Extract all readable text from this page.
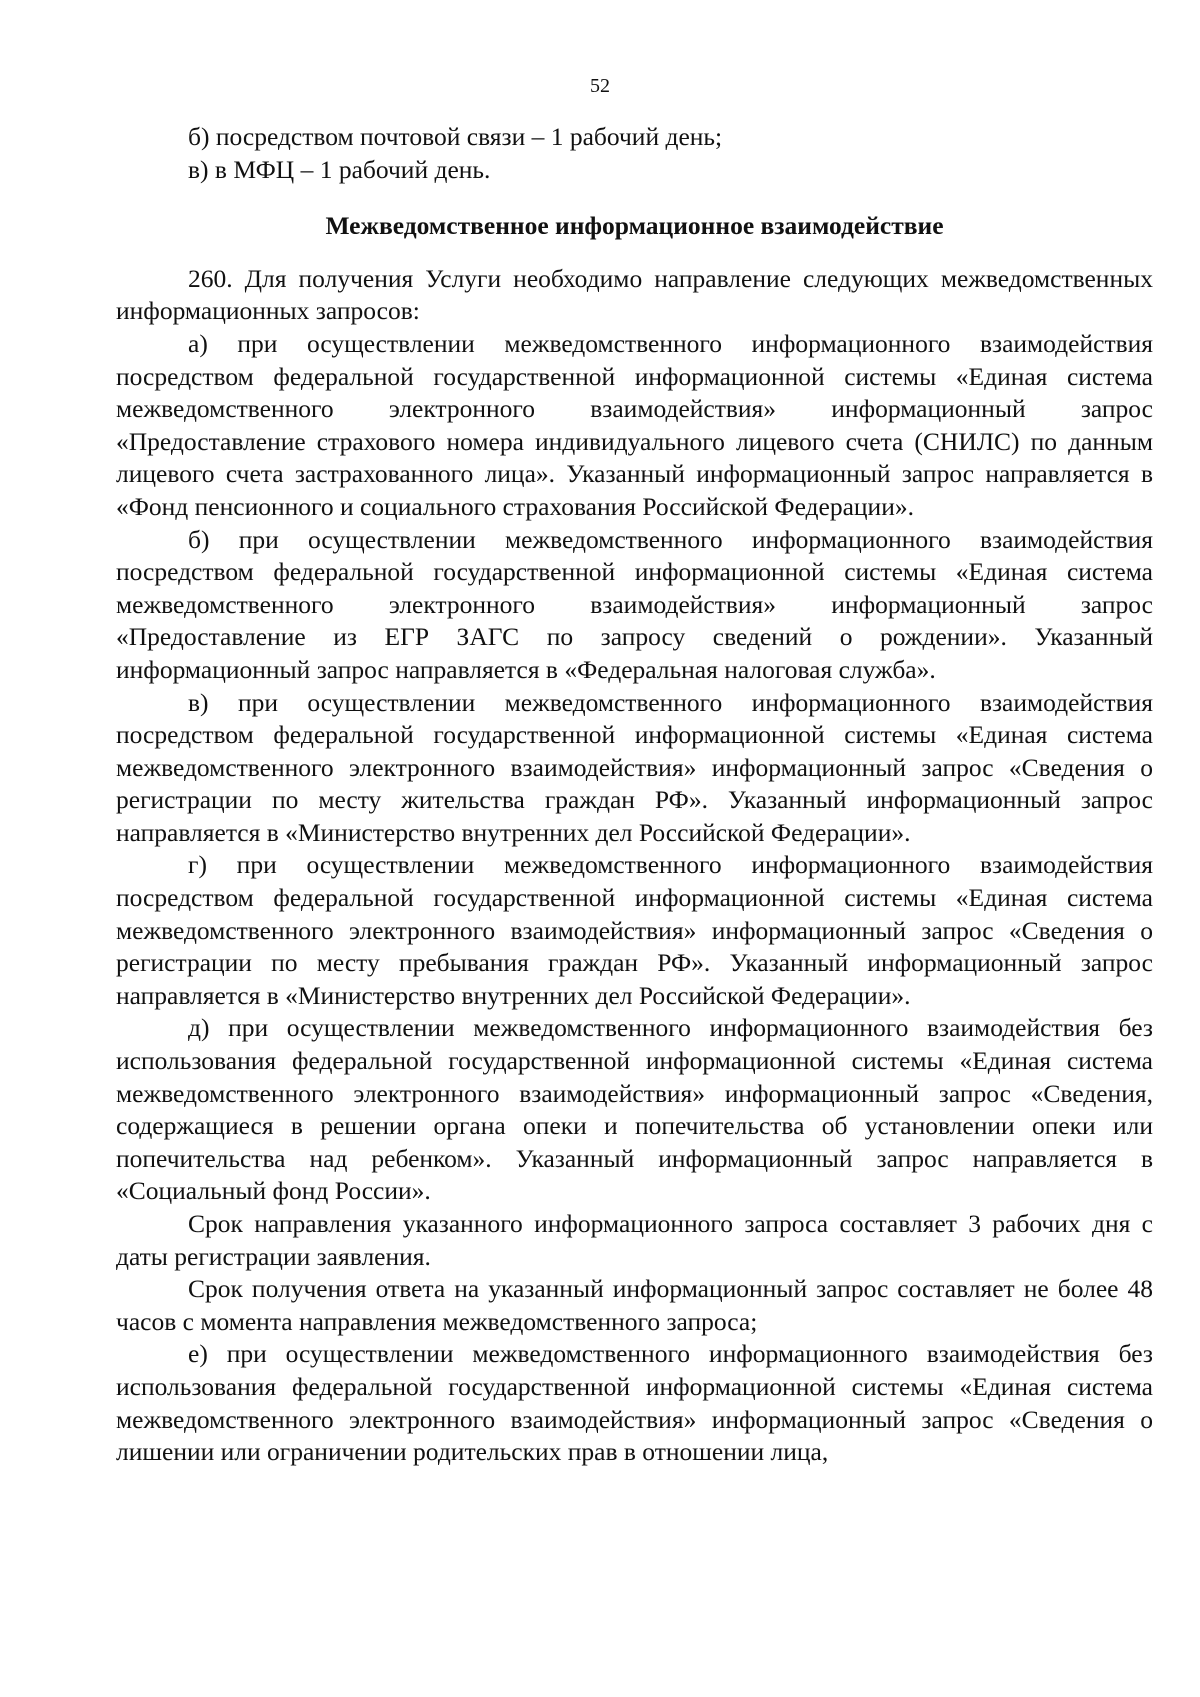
52

б) посредством почтовой связи – 1 рабочий день;

в) в МФЦ – 1 рабочий день.

Межведомственное информационное взаимодействие

260. Для получения Услуги необходимо направление следующих межведомственных информационных запросов:

а) при осуществлении межведомственного информационного взаимодействия посредством федеральной государственной информационной системы «Единая система межведомственного электронного взаимодействия» информационный запрос «Предоставление страхового номера индивидуального лицевого счета (СНИЛС) по данным лицевого счета застрахованного лица». Указанный информационный запрос направляется в «Фонд пенсионного и социального страхования Российской Федерации».

б) при осуществлении межведомственного информационного взаимодействия посредством федеральной государственной информационной системы «Единая система межведомственного электронного взаимодействия» информационный запрос «Предоставление из ЕГР ЗАГС по запросу сведений о рождении». Указанный информационный запрос направляется в «Федеральная налоговая служба».

в) при осуществлении межведомственного информационного взаимодействия посредством федеральной государственной информационной системы «Единая система межведомственного электронного взаимодействия» информационный запрос «Сведения о регистрации по месту жительства граждан РФ». Указанный информационный запрос направляется в «Министерство внутренних дел Российской Федерации».

г) при осуществлении межведомственного информационного взаимодействия посредством федеральной государственной информационной системы «Единая система межведомственного электронного взаимодействия» информационный запрос «Сведения о регистрации по месту пребывания граждан РФ». Указанный информационный запрос направляется в «Министерство внутренних дел Российской Федерации».

д) при осуществлении межведомственного информационного взаимодействия без использования федеральной государственной информационной системы «Единая система межведомственного электронного взаимодействия» информационный запрос «Сведения, содержащиеся в решении органа опеки и попечительства об установлении опеки или попечительства над ребенком». Указанный информационный запрос направляется в «Социальный фонд России».

Срок направления указанного информационного запроса составляет 3 рабочих дня с даты регистрации заявления.

Срок получения ответа на указанный информационный запрос составляет не более 48 часов с момента направления межведомственного запроса;

е) при осуществлении межведомственного информационного взаимодействия без использования федеральной государственной информационной системы «Единая система межведомственного электронного взаимодействия» информационный запрос «Сведения о лишении или ограничении родительских прав в отношении лица,
